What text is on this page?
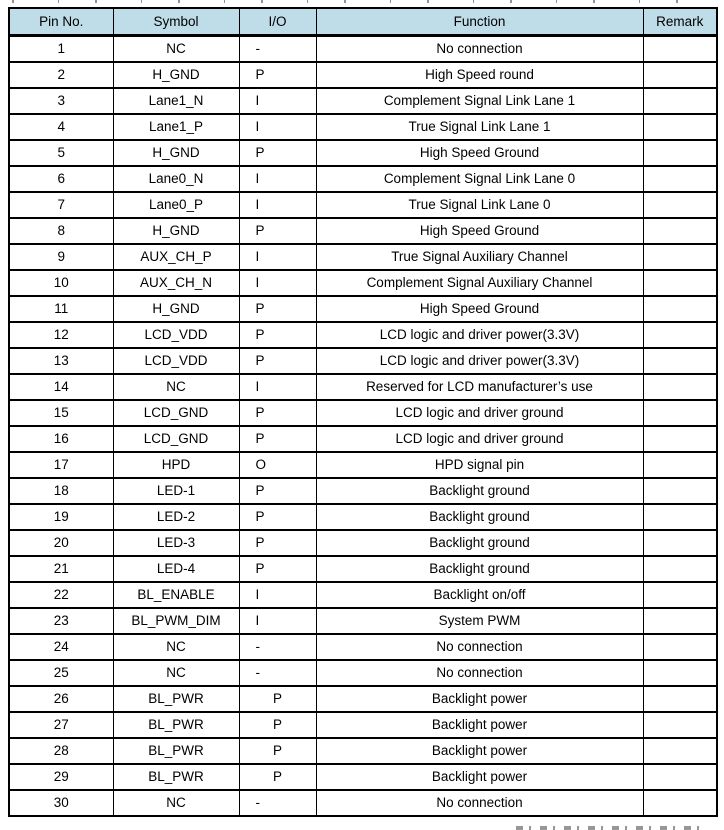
Pin No.	Symbol	I/O	Function	Remark
1	NC	-	No connection	
2	H_GND	P	High Speed round	
3	Lane1_N	I	Complement Signal Link Lane 1	
4	Lane1_P	I	True Signal Link Lane 1	
5	H_GND	P	High Speed Ground	
6	Lane0_N	I	Complement Signal Link Lane 0	
7	Lane0_P	I	True Signal Link Lane 0	
8	H_GND	P	High Speed Ground	
9	AUX_CH_P	I	True Signal Auxiliary Channel	
10	AUX_CH_N	I	Complement Signal Auxiliary Channel	
11	H_GND	P	High Speed Ground	
12	LCD_VDD	P	LCD logic and driver power(3.3V)	
13	LCD_VDD	P	LCD logic and driver power(3.3V)	
14	NC	I	Reserved for LCD manufacturer’s use	
15	LCD_GND	P	LCD logic and driver ground	
16	LCD_GND	P	LCD logic and driver ground	
17	HPD	O	HPD signal pin	
18	LED-1	P	Backlight ground	
19	LED-2	P	Backlight ground	
20	LED-3	P	Backlight ground	
21	LED-4	P	Backlight ground	
22	BL_ENABLE	I	Backlight on/off	
23	BL_PWM_DIM	I	System PWM	
24	NC	-	No connection	
25	NC	-	No connection	
26	BL_PWR	P	Backlight power	
27	BL_PWR	P	Backlight power	
28	BL_PWR	P	Backlight power	
29	BL_PWR	P	Backlight power	
30	NC	-	No connection	
